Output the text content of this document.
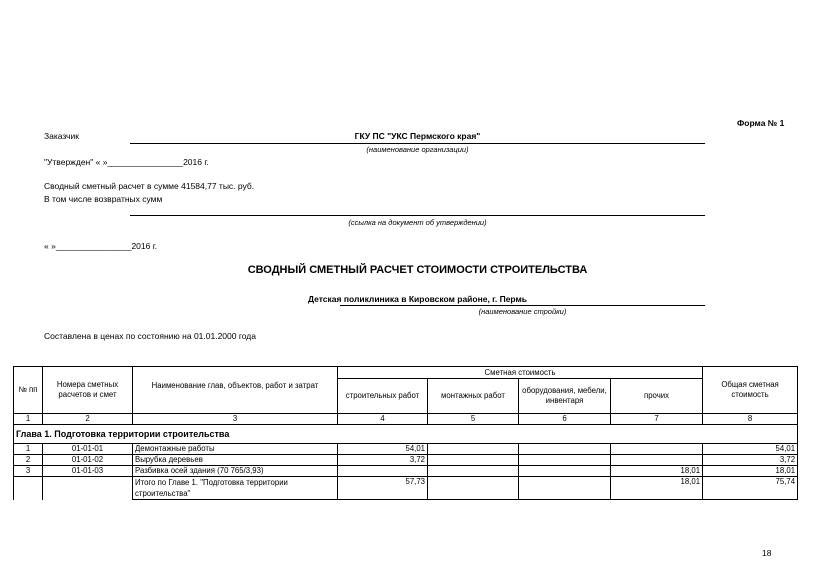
Форма № 1
Заказчик	ГКУ ПС "УКС Пермского края"
(наименование организации)
"Утвержден" « »________________2016 г.
Сводный сметный расчет в сумме 41584,77 тыс. руб.
В том числе возвратных сумм
(ссылка на документ об утверждении)
« »________________2016 г.
СВОДНЫЙ СМЕТНЫЙ РАСЧЕТ СТОИМОСТИ СТРОИТЕЛЬСТВА
Детская поликлиника в Кировском районе, г. Пермь
(наименование стройки)
Составлена в ценах по состоянию на 01.01.2000 года
№ пп	Номера сметных расчетов и смет	Наименование глав, объектов, работ и затрат	Сметная стоимость				Общая сметная стоимость
			строительных работ	монтажных работ	оборудования, мебели, инвентаря	прочих	
1	2	3	4	5	6	7	8
Глава 1. Подготовка территории строительства							
1	01-01-01	Демонтажные работы	54,01				54,01
2	01-01-02	Вырубка деревьев	3,72				3,72
3	01-01-03	Разбивка осей здания (70 765/3,93)				18,01	18,01
		Итого по Главе 1. "Подготовка территории строительства"	57,73			18,01	75,74
18
